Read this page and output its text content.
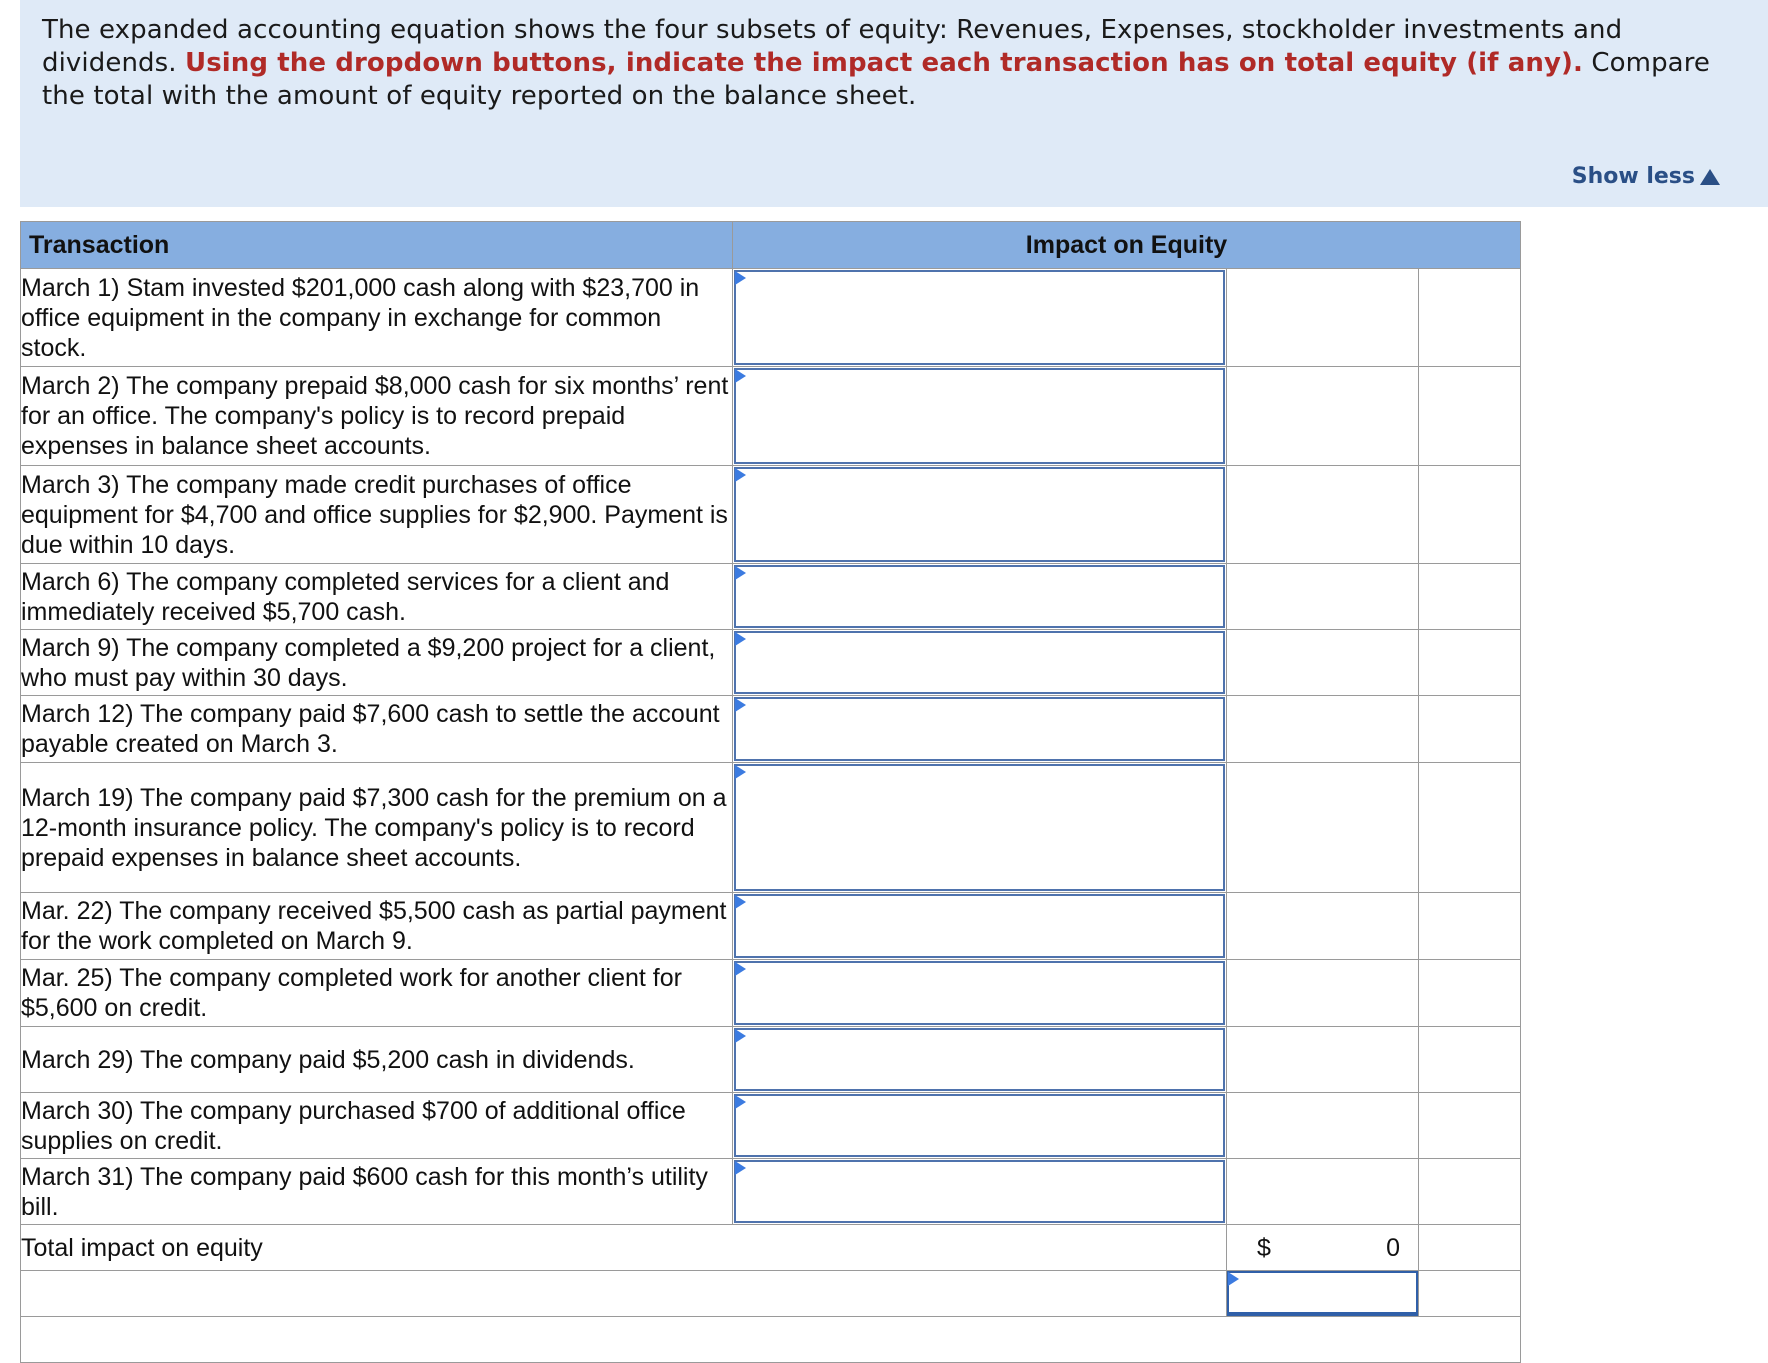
The expanded accounting equation shows the four subsets of equity: Revenues, Expenses, stockholder investments and dividends. Using the dropdown buttons, indicate the impact each transaction has on total equity (if any). Compare the total with the amount of equity reported on the balance sheet.

Show less
Transaction	Impact on Equity		
March 1) Stam invested $201,000 cash along with $23,700 in office equipment in the company in exchange for common stock.	

March 2) The company prepaid $8,000 cash for six months’ rent for an office. The company's policy is to record prepaid expenses in balance sheet accounts.	

March 3) The company made credit purchases of office equipment for $4,700 and office supplies for $2,900. Payment is due within 10 days.	

March 6) The company completed services for a client and immediately received $5,700 cash.	

March 9) The company completed a $9,200 project for a client, who must pay within 30 days.	

March 12) The company paid $7,600 cash to settle the account payable created on March 3.	

March 19) The company paid $7,300 cash for the premium on a 12-month insurance policy. The company's policy is to record prepaid expenses in balance sheet accounts.	

Mar. 22) The company received $5,500 cash as partial payment for the work completed on March 9.	

Mar. 25) The company completed work for another client for $5,600 on credit.	

March 29) The company paid $5,200 cash in dividends.	

March 30) The company purchased $700 of additional office supplies on credit.	

March 31) The company paid $600 cash for this month’s utility bill.	

Total impact on equity		$ 0	
